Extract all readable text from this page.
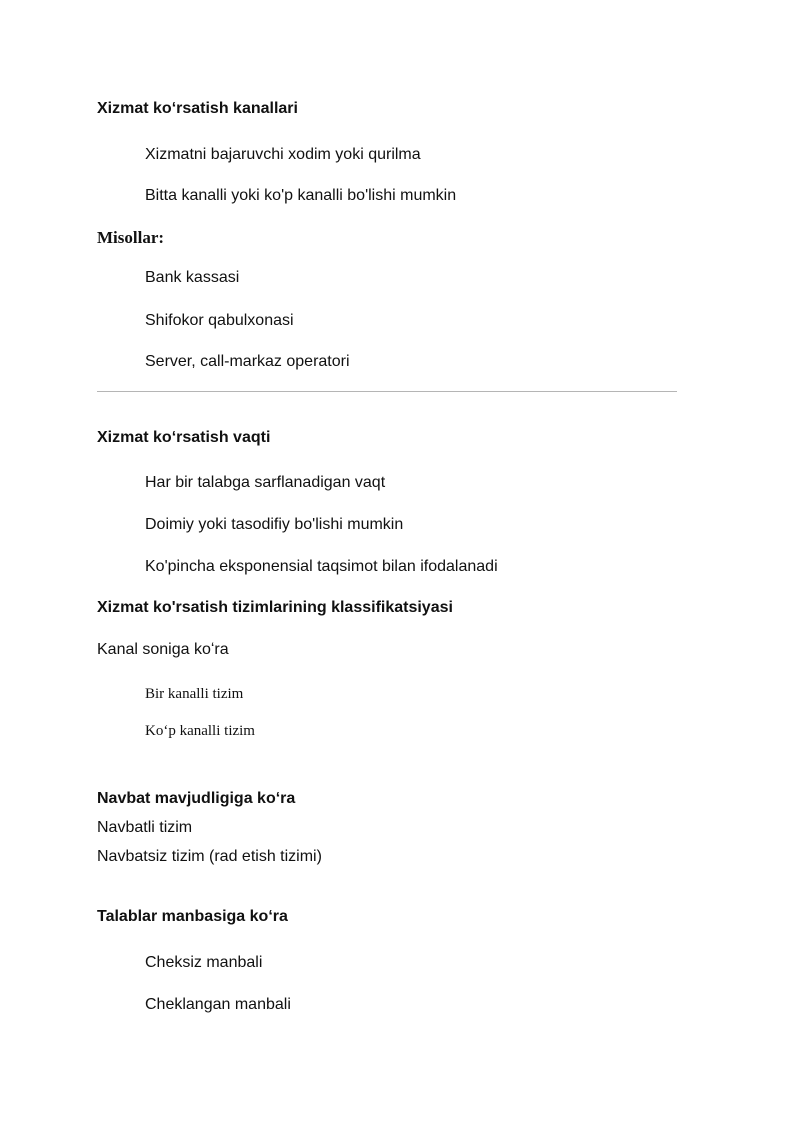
Xizmat koʻrsatish kanallari
Xizmatni bajaruvchi xodim yoki qurilma
Bitta kanalli yoki ko'p kanalli bo'lishi mumkin
Misollar:
Bank kassasi
Shifokor qabulxonasi
Server, call-markaz operatori
Xizmat koʻrsatish vaqti
Har bir talabga sarflanadigan vaqt
Doimiy yoki tasodifiy bo'lishi mumkin
Ko'pincha eksponensial taqsimot bilan ifodalanadi
Xizmat ko'rsatish tizimlarining klassifikatsiyasi
Kanal soniga koʻra
Bir kanalli tizim
Koʻp kanalli tizim
Navbat mavjudligiga koʻra
Navbatli tizim
Navbatsiz tizim (rad etish tizimi)
Talablar manbasiga koʻra
Cheksiz manbali
Cheklangan manbali
